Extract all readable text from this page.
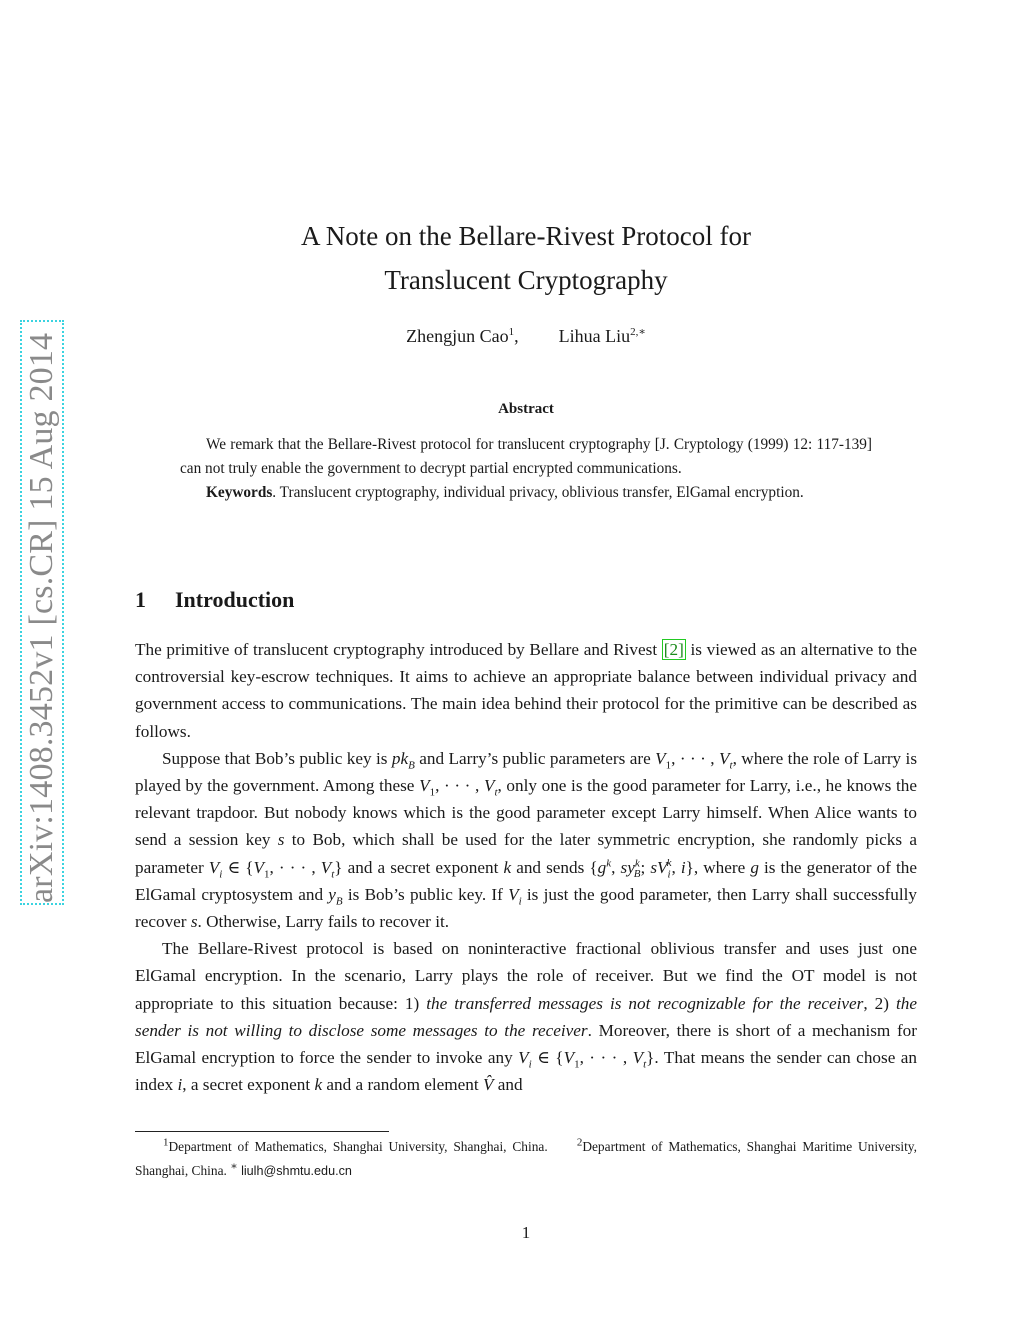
arXiv:1408.3452v1 [cs.CR] 15 Aug 2014
A Note on the Bellare-Rivest Protocol for
Translucent Cryptography
Zhengjun Cao$^1$, Lihua Liu$^{2,∗}$
Abstract

We remark that the Bellare-Rivest protocol for translucent cryptography [J. Cryptology (1999) 12: 117-139] can not truly enable the government to decrypt partial encrypted communications.

Keywords. Translucent cryptography, individual privacy, oblivious transfer, ElGamal encryption.

1 Introduction

The primitive of translucent cryptography introduced by Bellare and Rivest [2] is viewed as an alternative to the controversial key-escrow techniques. It aims to achieve an appropriate balance between individual privacy and government access to communications. The main idea behind their protocol for the primitive can be described as follows.

Suppose that Bob’s public key is $pk_B$ and Larry’s public parameters are $V_1$, · · · , $V_t$, where the role of Larry is played by the government. Among these $V_1$, · · · , $V_t$, only one is the good parameter for Larry, i.e., he knows the relevant trapdoor. But nobody knows which is the good parameter except Larry himself. When Alice wants to send a session key s to Bob, which shall be used for the later symmetric encryption, she randomly picks a parameter $V_i$ ∈ {$V_1$, · · · , $V_t$} and a secret exponent k and sends {$g^k$, $sy^k_B$; $sV_i^k$, i}, where g is the generator of the ElGamal cryptosystem and $y_B$ is Bob’s public key. If $V_i$ is just the good parameter, then Larry shall successfully recover s. Otherwise, Larry fails to recover it.

The Bellare-Rivest protocol is based on noninteractive fractional oblivious transfer and uses just one ElGamal encryption. In the scenario, Larry plays the role of receiver. But we find the OT model is not appropriate to this situation because: 1) the transferred messages is not recognizable for the receiver, 2) the sender is not willing to disclose some messages to the receiver. Moreover, there is short of a mechanism for ElGamal encryption to force the sender to invoke any $V_i$ ∈ {$V_1$, · · · , $V_t$}. That means the sender can chose an index i, a secret exponent k and a random element V̂ and

$^1$Department of Mathematics, Shanghai University, Shanghai, China.	$^2$Department of Mathematics, Shanghai Maritime University, Shanghai, China. ∗ liulh@shmtu.edu.cn
1
